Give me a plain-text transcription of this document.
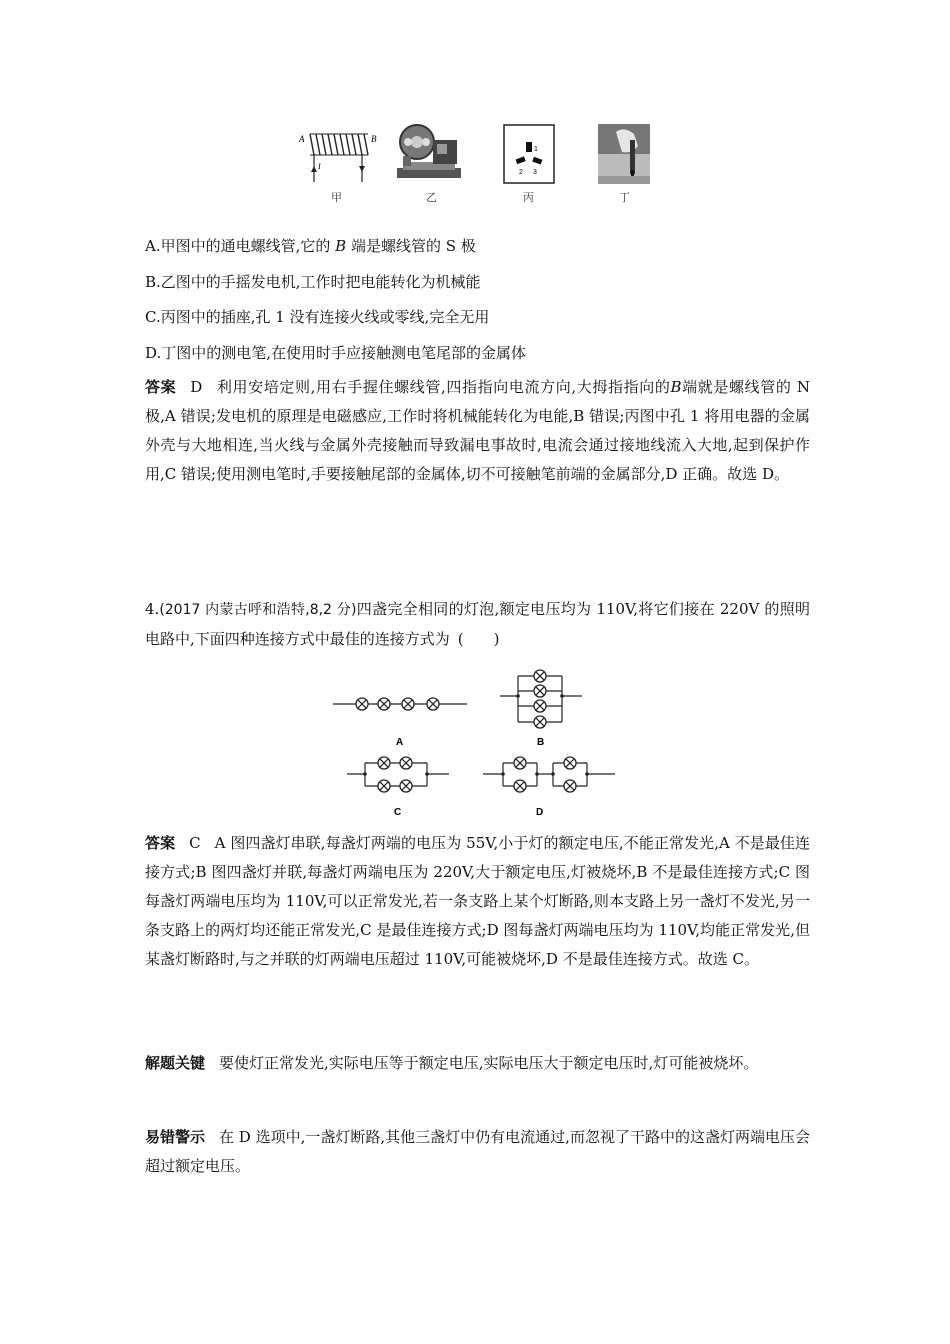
A	B
I
1
2 3
甲	乙	丙	丁
A.甲图中的通电螺线管,它的 B 端是螺线管的 S 极
B.乙图中的手摇发电机,工作时把电能转化为机械能
C.丙图中的插座,孔 1 没有连接火线或零线,完全无用
D.丁图中的测电笔,在使用时手应接触测电笔尾部的金属体
答案 D 利用安培定则,用右手握住螺线管,四指指向电流方向,大拇指指向的B端就是螺线管的 N 极,A 错误;发电机的原理是电磁感应,工作时将机械能转化为电能,B 错误;丙图中孔 1 将用电器的金属外壳与大地相连,当火线与金属外壳接触而导致漏电事故时,电流会通过接地线流入大地,起到保护作用,C 错误;使用测电笔时,手要接触尾部的金属体,切不可接触笔前端的金属部分,D 正确。故选 D。
4.(2017 内蒙古呼和浩特,8,2 分)四盏完全相同的灯泡,额定电压均为 110V,将它们接在 220V 的照明电路中,下面四种连接方式中最佳的连接方式为 (　　)
A	B
C	D
答案 C A 图四盏灯串联,每盏灯两端的电压为 55V,小于灯的额定电压,不能正常发光,A 不是最佳连接方式;B 图四盏灯并联,每盏灯两端电压为 220V,大于额定电压,灯被烧坏,B 不是最佳连接方式;C 图每盏灯两端电压均为 110V,可以正常发光,若一条支路上某个灯断路,则本支路上另一盏灯不发光,另一条支路上的两灯均还能正常发光,C 是最佳连接方式;D 图每盏灯两端电压均为 110V,均能正常发光,但某盏灯断路时,与之并联的灯两端电压超过 110V,可能被烧坏,D 不是最佳连接方式。故选 C。
解题关键 要使灯正常发光,实际电压等于额定电压,实际电压大于额定电压时,灯可能被烧坏。
易错警示 在 D 选项中,一盏灯断路,其他三盏灯中仍有电流通过,而忽视了干路中的这盏灯两端电压会超过额定电压。
